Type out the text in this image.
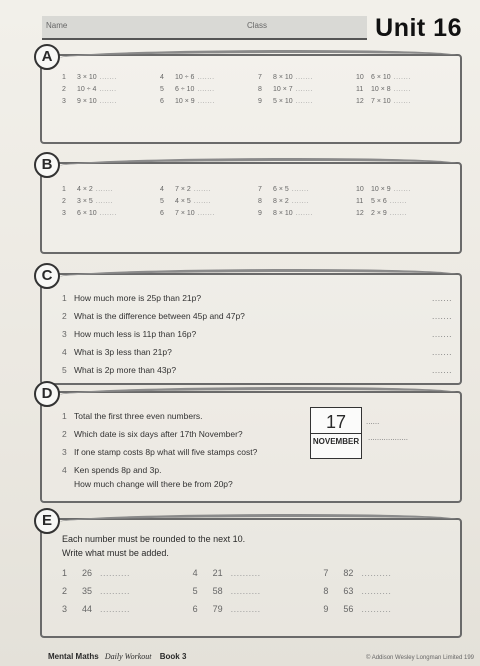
Name	Class	Unit 16
A
1	3 × 10 .......	4	10 ÷ 6 .......	7	8 × 10 .......	10	6 × 10 .......
2	10 ÷ 4 .......	5	6 ÷ 10 .......	8	10 × 7 .......	11	10 × 8 .......
3	9 × 10 .......	6	10 × 9 .......	9	5 × 10 .......	12	7 × 10 .......
B
1	4 × 2 .......	4	7 × 2 .......	7	6 × 5 .......	10	10 × 9 .......
2	3 × 5 .......	5	4 × 5 .......	8	8 × 2 .......	11	5 × 6 .......
3	6 × 10 .......	6	7 × 10 .......	9	8 × 10 .......	12	2 × 9 .......
C
1 How much more is 25p than 21p?	.......
2 What is the difference between 45p and 47p?	.......
3 How much less is 11p than 16p?	.......
4 What is 3p less than 21p?	.......
5 What is 2p more than 43p?	.......
D
1 Total the first three even numbers.
2 Which date is six days after 17th November?
3 If one stamp costs 8p what will five stamps cost?
4 Ken spends 8p and 3p.
How much change will there be from 20p?
17
NOVEMBER
......
..................
E
Each number must be rounded to the next 10.
Write what must be added.
1	26 ..........	4	21 ..........	7	82 ..........
2	35 ..........	5	58 ..........	8	63 ..........
3	44 ..........	6	79 ..........	9	56 ..........
Mental Maths Daily Workout Book 3	© Addison Wesley Longman Limited 199
